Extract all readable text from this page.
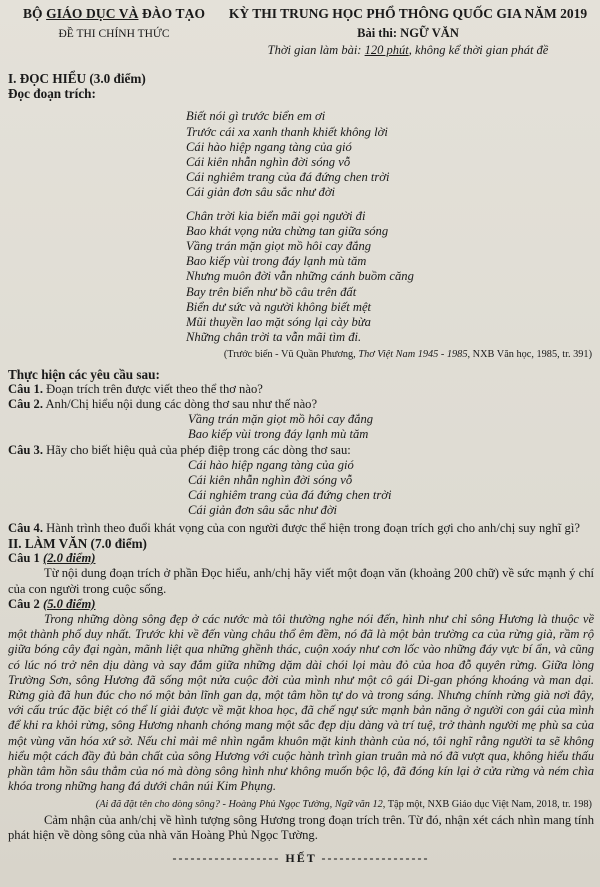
BỘ GIÁO DỤC VÀ ĐÀO TẠO
ĐỀ THI CHÍNH THỨC
KỲ THI TRUNG HỌC PHỔ THÔNG QUỐC GIA NĂM 2019
Bài thi: NGỮ VĂN
Thời gian làm bài: 120 phút, không kể thời gian phát đề
I. ĐỌC HIỂU (3.0 điểm)
Đọc đoạn trích:
Biết nói gì trước biển em ơi
Trước cái xa xanh thanh khiết không lời
Cái hào hiệp ngang tàng của gió
Cái kiên nhẫn nghìn đời sóng vỗ
Cái nghiêm trang của đá đứng chen trời
Cái giản đơn sâu sắc như đời
Chân trời kia biển mãi gọi người đi
Bao khát vọng nửa chừng tan giữa sóng
Vầng trán mặn giọt mồ hôi cay đắng
Bao kiếp vùi trong đáy lạnh mù tăm
Nhưng muôn đời vẫn những cánh buồm căng
Bay trên biển như bồ câu trên đất
Biển dư sức và người không biết mệt
Mũi thuyền lao mặt sóng lại cày bừa
Những chân trời ta vẫn mãi tìm đi.
(Trước biển - Vũ Quần Phương, Thơ Việt Nam 1945 - 1985, NXB Văn học, 1985, tr. 391)
Thực hiện các yêu cầu sau:
Câu 1. Đoạn trích trên được viết theo thể thơ nào?
Câu 2. Anh/Chị hiểu nội dung các dòng thơ sau như thế nào?
Vầng trán mặn giọt mồ hôi cay đắng
Bao kiếp vùi trong đáy lạnh mù tăm
Câu 3. Hãy cho biết hiệu quả của phép điệp trong các dòng thơ sau:
Cái hào hiệp ngang tàng của gió
Cái kiên nhẫn nghìn đời sóng vỗ
Cái nghiêm trang của đá đứng chen trời
Cái giản đơn sâu sắc như đời
Câu 4. Hành trình theo đuổi khát vọng của con người được thể hiện trong đoạn trích gợi cho anh/chị suy nghĩ gì?
II. LÀM VĂN (7.0 điểm)
Câu 1 (2.0 điểm)
Từ nội dung đoạn trích ở phần Đọc hiểu, anh/chị hãy viết một đoạn văn (khoảng 200 chữ) về sức mạnh ý chí của con người trong cuộc sống.
Câu 2 (5.0 điểm)
Trong những dòng sông đẹp ở các nước mà tôi thường nghe nói đến, hình như chỉ sông Hương là thuộc về một thành phố duy nhất. Trước khi về đến vùng châu thổ êm đềm, nó đã là một bản trường ca của rừng già, rầm rộ giữa bóng cây đại ngàn, mãnh liệt qua những ghềnh thác, cuộn xoáy như cơn lốc vào những đáy vực bí ẩn, và cũng có lúc nó trở nên dịu dàng và say đắm giữa những dặm dài chói lọi màu đỏ của hoa đỗ quyên rừng. Giữa lòng Trường Sơn, sông Hương đã sống một nửa cuộc đời của mình như một cô gái Di-gan phóng khoáng và man dại. Rừng già đã hun đúc cho nó một bản lĩnh gan dạ, một tâm hồn tự do và trong sáng. Nhưng chính rừng già nơi đây, với cấu trúc đặc biệt có thể lí giải được về mặt khoa học, đã chế ngự sức mạnh bản năng ở người con gái của mình để khi ra khỏi rừng, sông Hương nhanh chóng mang một sắc đẹp dịu dàng và trí tuệ, trở thành người mẹ phù sa của một vùng văn hóa xứ sở. Nếu chỉ mải mê nhìn ngắm khuôn mặt kinh thành của nó, tôi nghĩ rằng người ta sẽ không hiểu một cách đầy đủ bản chất của sông Hương với cuộc hành trình gian truân mà nó đã vượt qua, không hiểu thấu phần tâm hồn sâu thẳm của nó mà dòng sông hình như không muốn bộc lộ, đã đóng kín lại ở cửa rừng và ném chìa khóa trong những hang đá dưới chân núi Kim Phụng.
(Ai đã đặt tên cho dòng sông? - Hoàng Phủ Ngọc Tường, Ngữ văn 12, Tập một, NXB Giáo dục Việt Nam, 2018, tr. 198)
Cảm nhận của anh/chị về hình tượng sông Hương trong đoạn trích trên. Từ đó, nhận xét cách nhìn mang tính phát hiện về dòng sông của nhà văn Hoàng Phủ Ngọc Tường.
------------------ HẾT ------------------
